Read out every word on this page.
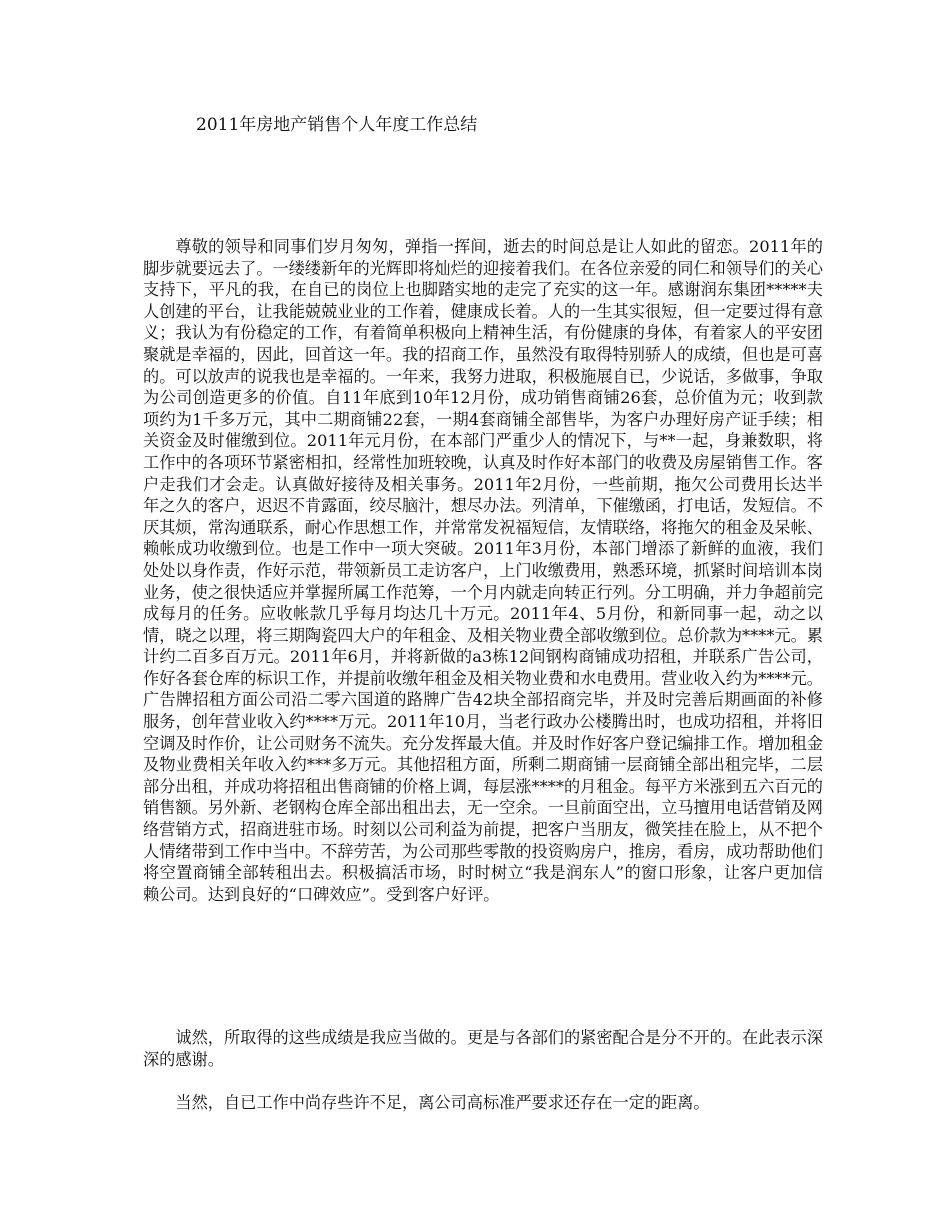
2011年房地产销售个人年度工作总结

尊敬的领导和同事们岁月匆匆，弹指一挥间，逝去的时间总是让人如此的留恋。2011年的脚步就要远去了。一缕缕新年的光辉即将灿烂的迎接着我们。在各位亲爱的同仁和领导们的关心支持下，平凡的我，在自已的岗位上也脚踏实地的走完了充实的这一年。感谢润东集团*****夫人创建的平台，让我能兢兢业业的工作着，健康成长着。人的一生其实很短，但一定要过得有意义；我认为有份稳定的工作，有着简单积极向上精神生活，有份健康的身体，有着家人的平安团聚就是幸福的，因此，回首这一年。我的招商工作，虽然没有取得特别骄人的成绩，但也是可喜的。可以放声的说我也是幸福的。一年来，我努力进取，积极施展自已，少说话，多做事，争取为公司创造更多的价值。自11年底到10年12月份，成功销售商铺26套，总价值为元；收到款项约为1千多万元，其中二期商铺22套，一期4套商铺全部售毕，为客户办理好房产证手续；相关资金及时催缴到位。2011年元月份，在本部门严重少人的情况下，与**一起，身兼数职，将工作中的各项环节紧密相扣，经常性加班较晚，认真及时作好本部门的收费及房屋销售工作。客户走我们才会走。认真做好接待及相关事务。2011年2月份，一些前期，拖欠公司费用长达半年之久的客户，迟迟不肯露面，绞尽脑汁，想尽办法。列清单，下催缴函，打电话，发短信。不厌其烦，常沟通联系，耐心作思想工作，并常常发祝福短信，友情联络，将拖欠的租金及呆帐、赖帐成功收缴到位。也是工作中一项大突破。2011年3月份，本部门增添了新鲜的血液，我们处处以身作责，作好示范，带领新员工走访客户，上门收缴费用，熟悉环境，抓紧时间培训本岗业务，使之很快适应并掌握所属工作范筹，一个月内就走向转正行列。分工明确，并力争超前完成每月的任务。应收帐款几乎每月均达几十万元。2011年4、5月份，和新同事一起，动之以情，晓之以理，将三期陶瓷四大户的年租金、及相关物业费全部收缴到位。总价款为****元。累计约二百多百万元。2011年6月，并将新做的a3栋12间钢构商铺成功招租，并联系广告公司，作好各套仓库的标识工作，并提前收缴年租金及相关物业费和水电费用。营业收入约为****元。广告牌招租方面公司沿二零六国道的路牌广告42块全部招商完毕，并及时完善后期画面的补修服务，创年营业收入约****万元。2011年10月，当老行政办公楼腾出时，也成功招租，并将旧空调及时作价，让公司财务不流失。充分发挥最大值。并及时作好客户登记编排工作。增加租金及物业费相关年收入约***多万元。其他招租方面，所剩二期商铺一层商铺全部出租完毕，二层部分出租，并成功将招租出售商铺的价格上调，每层涨****的月租金。每平方米涨到五六百元的销售额。另外新、老钢构仓库全部出租出去，无一空余。一旦前面空出，立马擅用电话营销及网络营销方式，招商进驻市场。时刻以公司利益为前提，把客户当朋友，微笑挂在脸上，从不把个人情绪带到工作中当中。不辞劳苦，为公司那些零散的投资购房户，推房，看房，成功帮助他们将空置商铺全部转租出去。积极搞活市场，时时树立“我是润东人”的窗口形象，让客户更加信赖公司。达到良好的“口碑效应”。受到客户好评。

诚然，所取得的这些成绩是我应当做的。更是与各部们的紧密配合是分不开的。在此表示深深的感谢。

当然，自已工作中尚存些许不足，离公司高标准严要求还存在一定的距离。
